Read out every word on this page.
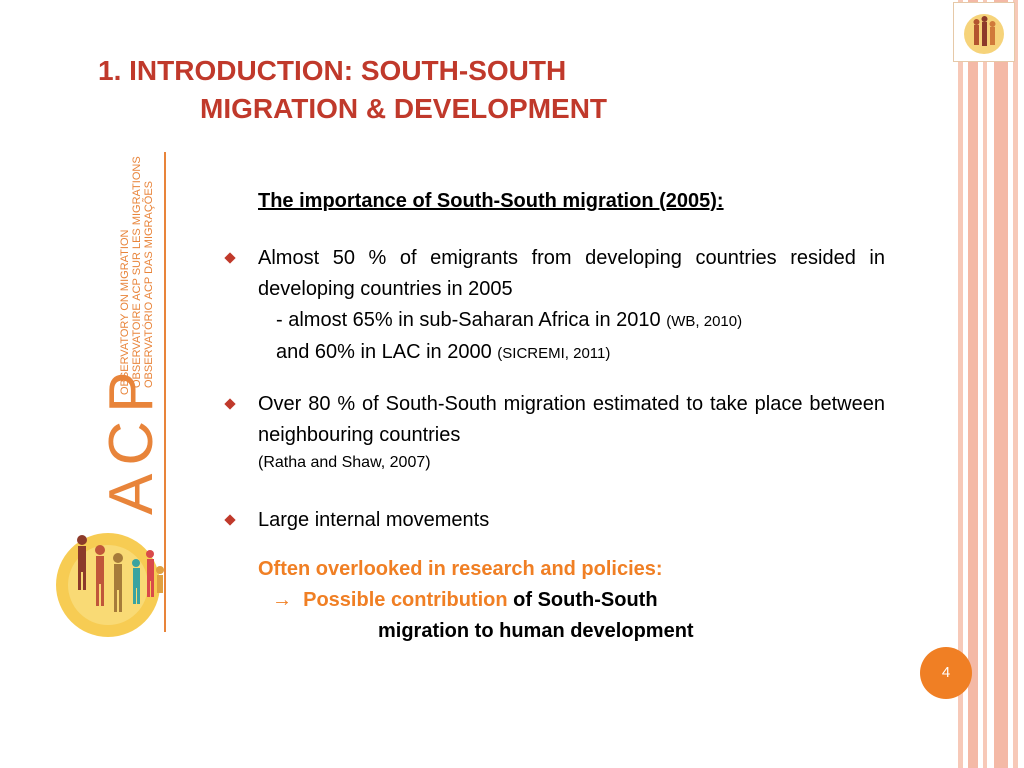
1. INTRODUCTION: SOUTH-SOUTH
MIGRATION & DEVELOPMENT
ACP
OBSERVATORY ON MIGRATION OBSERVATOIRE ACP SUR LES MIGRATIONS OBSERVATÓRIO ACP DAS MIGRAÇÕES	The importance of South-South migration (2005):

Almost 50 % of emigrants from developing countries resided in developing countries in 2005
- almost 65% in sub-Saharan Africa in 2010 (WB, 2010)
and 60% in LAC in 2000 (SICREMI, 2011)

Over 80 % of South-South migration estimated to take place between neighbouring countries
(Ratha and Shaw, 2007)

Large internal movements

Often overlooked in research and policies:
→ Possible contribution of South-South
migration to human development
4
